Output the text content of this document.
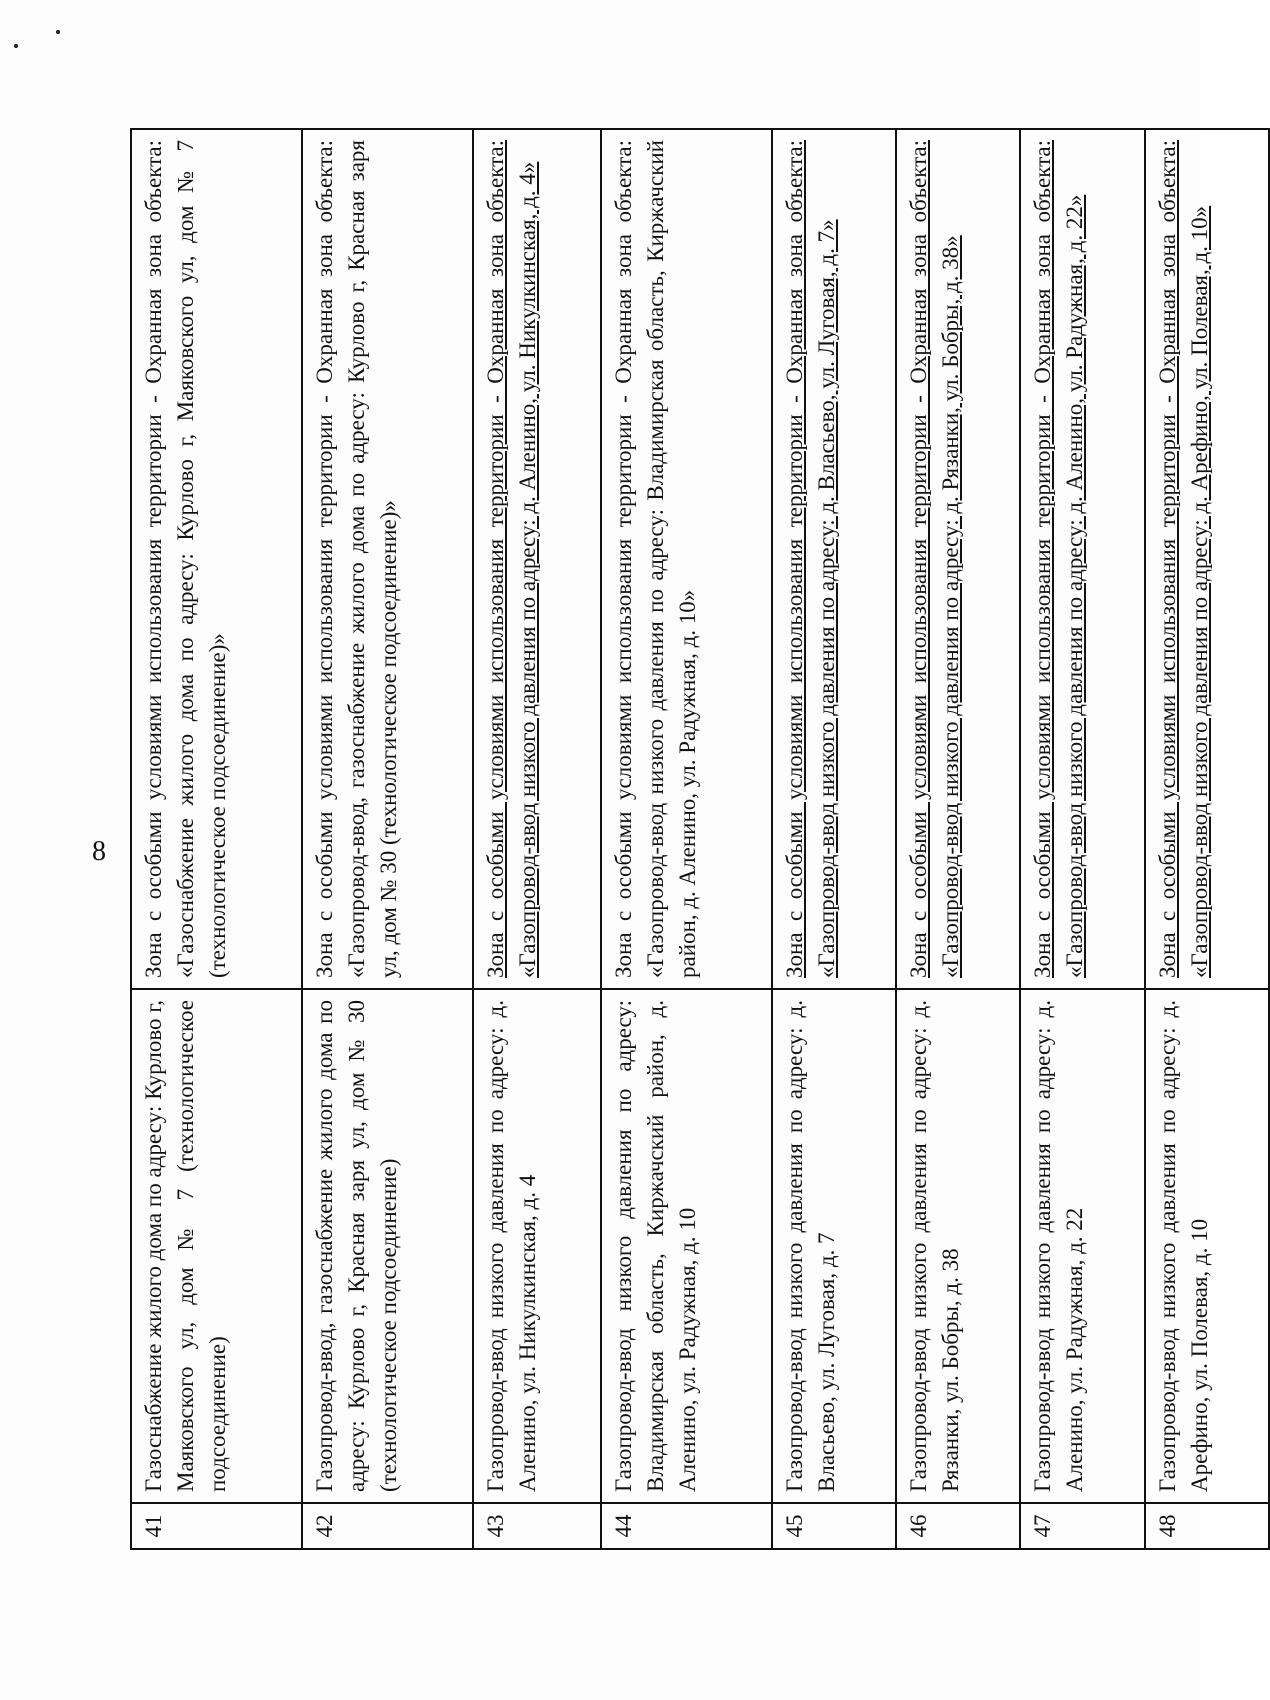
8
41	Газоснабжение жилого дома по адресу: Курлово г, Маяковского ул, дом № 7 (технологическое подсоединение)	Зона с особыми условиями использования территории - Охранная зона объекта: «Газоснабжение жилого дома по адресу: Курлово г, Маяковского ул, дом № 7 (технологическое подсоединение)»
42	Газопровод-ввод, газоснабжение жилого дома по адресу: Курлово г, Красная заря ул, дом № 30 (технологическое подсоединение)	Зона с особыми условиями использования территории - Охранная зона объекта: «Газопровод-ввод, газоснабжение жилого дома по адресу: Курлово г, Красная заря ул, дом № 30 (технологическое подсоединение)»
43	Газопровод-ввод низкого давления по адресу: д. Аленино, ул. Никулкинская, д. 4	Зона с особыми условиями использования территории - Охранная зона объекта: «Газопровод-ввод низкого давления по адресу: д. Аленино, ул. Никулкинская, д. 4»
44	Газопровод-ввод низкого давления по адресу: Владимирская область, Киржачский район, д. Аленино, ул. Радужная, д. 10	Зона с особыми условиями использования территории - Охранная зона объекта: «Газопровод-ввод низкого давления по адресу: Владимирская область, Киржачский район, д. Аленино, ул. Радужная, д. 10»
45	Газопровод-ввод низкого давления по адресу: д. Власьево, ул. Луговая, д. 7	Зона с особыми условиями использования территории - Охранная зона объекта: «Газопровод-ввод низкого давления по адресу: д. Власьево, ул. Луговая, д. 7»
46	Газопровод-ввод низкого давления по адресу: д. Рязанки, ул. Бобры, д. 38	Зона с особыми условиями использования территории - Охранная зона объекта: «Газопровод-ввод низкого давления по адресу: д. Рязанки, ул. Бобры, д. 38»
47	Газопровод-ввод низкого давления по адресу: д. Аленино, ул. Радужная, д. 22	Зона с особыми условиями использования территории - Охранная зона объекта: «Газопровод-ввод низкого давления по адресу: д. Аленино, ул. Радужная, д. 22»
48	Газопровод-ввод низкого давления по адресу: д. Арефино, ул. Полевая, д. 10	Зона с особыми условиями использования территории - Охранная зона объекта: «Газопровод-ввод низкого давления по адресу: д. Арефино, ул. Полевая, д. 10»
